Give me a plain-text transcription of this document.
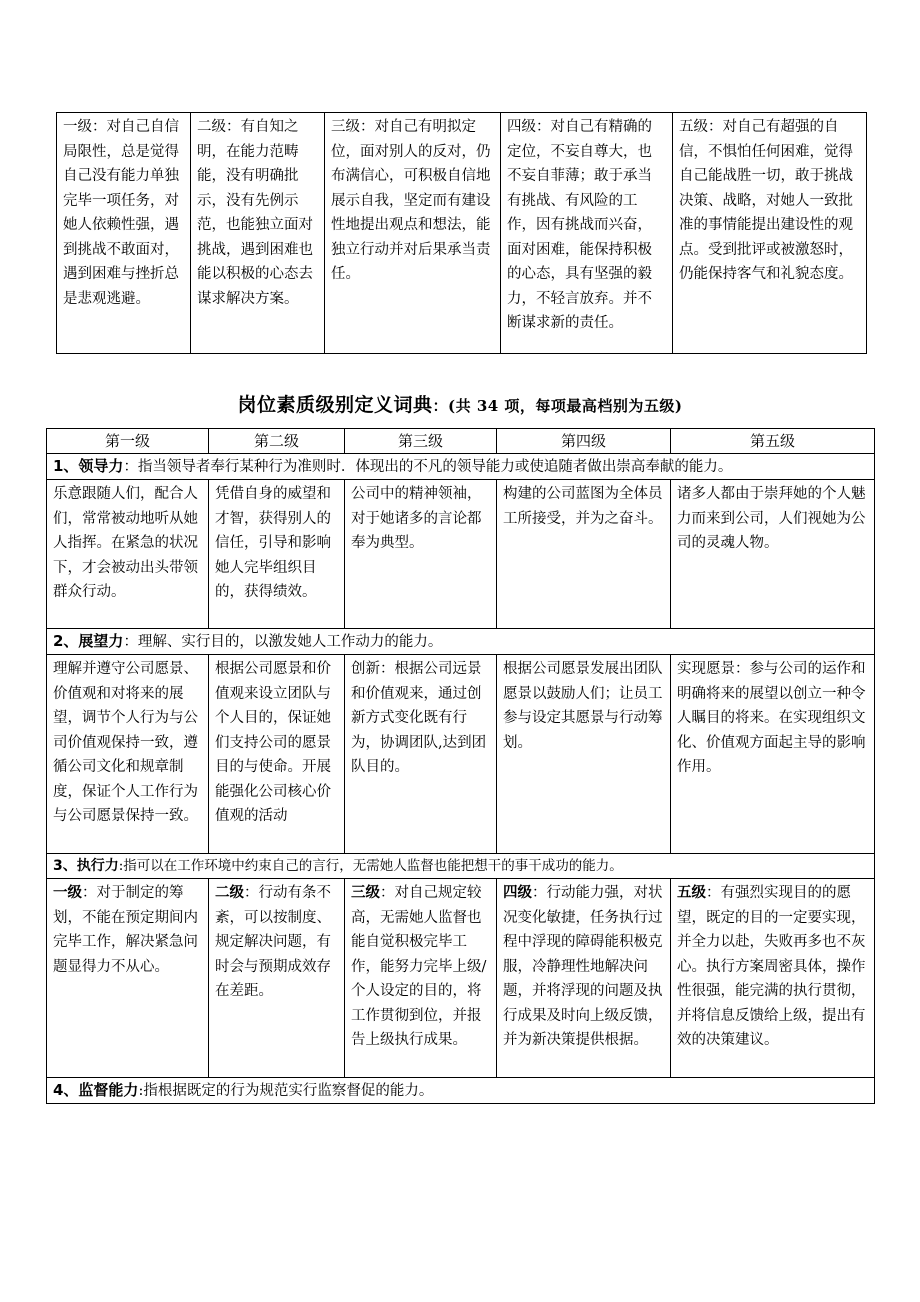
一级：对自己自信局限性，总是觉得自己没有能力单独完毕一项任务，对她人依赖性强，遇到挑战不敢面对，遇到困难与挫折总是悲观逃避。	二级：有自知之明，在能力范畴能，没有明确批示，没有先例示范，也能独立面对挑战，遇到困难也能以积极的心态去谋求解决方案。	三级：对自己有明拟定位，面对别人的反对，仍布满信心，可积极自信地展示自我，坚定而有建设性地提出观点和想法，能独立行动并对后果承当责任。	四级：对自己有精确的定位，不妄自尊大，也不妄自菲薄；敢于承当有挑战、有风险的工作，因有挑战而兴奋，面对困难，能保持积极的心态，具有坚强的毅力，不轻言放弃。并不断谋求新的责任。	五级：对自己有超强的自信，不惧怕任何困难，觉得自己能战胜一切，敢于挑战决策、战略，对她人一致批准的事情能提出建设性的观点。受到批评或被激怒时，仍能保持客气和礼貌态度。
岗位素质级别定义词典：(共 34 项，每项最高档别为五级)
第一级	第二级	第三级	第四级	第五级
1、领导力：指当领导者奉行某种行为准则时．体现出的不凡的领导能力或使追随者做出崇高奉献的能力。				
乐意跟随人们，配合人们，常常被动地听从她人指挥。在紧急的状况下，才会被动出头带领群众行动。	凭借自身的威望和才智，获得别人的信任，引导和影响她人完毕组织目的，获得绩效。	公司中的精神领袖，对于她诸多的言论都奉为典型。	构建的公司蓝图为全体员工所接受，并为之奋斗。	诸多人都由于崇拜她的个人魅力而来到公司，人们视她为公司的灵魂人物。
2、展望力：理解、实行目的，以激发她人工作动力的能力。				
理解并遵守公司愿景、价值观和对将来的展望，调节个人行为与公司价值观保持一致，遵循公司文化和规章制度，保证个人工作行为与公司愿景保持一致。	根据公司愿景和价值观来设立团队与个人目的，保证她们支持公司的愿景目的与使命。开展能强化公司核心价值观的活动	创新：根据公司远景和价值观来，通过创新方式变化既有行为，协调团队,达到团队目的。	根据公司愿景发展出团队愿景以鼓励人们；让员工参与设定其愿景与行动筹划。	实现愿景：参与公司的运作和明确将来的展望以创立一种令人瞩目的将来。在实现组织文化、价值观方面起主导的影响作用。
3、执行力:指可以在工作环境中约束自己的言行，无需她人监督也能把想干的事干成功的能力。				
一级：对于制定的筹划，不能在预定期间内完毕工作，解决紧急问题显得力不从心。	二级：行动有条不紊，可以按制度、规定解决问题，有时会与预期成效存在差距。	三级：对自己规定较高，无需她人监督也能自觉积极完毕工作，能努力完毕上级/个人设定的目的，将工作贯彻到位，并报告上级执行成果。	四级：行动能力强，对状况变化敏捷，任务执行过程中浮现的障碍能积极克服，冷静理性地解决问题，并将浮现的问题及执行成果及时向上级反馈，并为新决策提供根据。	五级：有强烈实现目的的愿望，既定的目的一定要实现，并全力以赴，失败再多也不灰心。执行方案周密具体，操作性很强，能完满的执行贯彻，并将信息反馈给上级，提出有效的决策建议。
4、监督能力:指根据既定的行为规范实行监察督促的能力。				
